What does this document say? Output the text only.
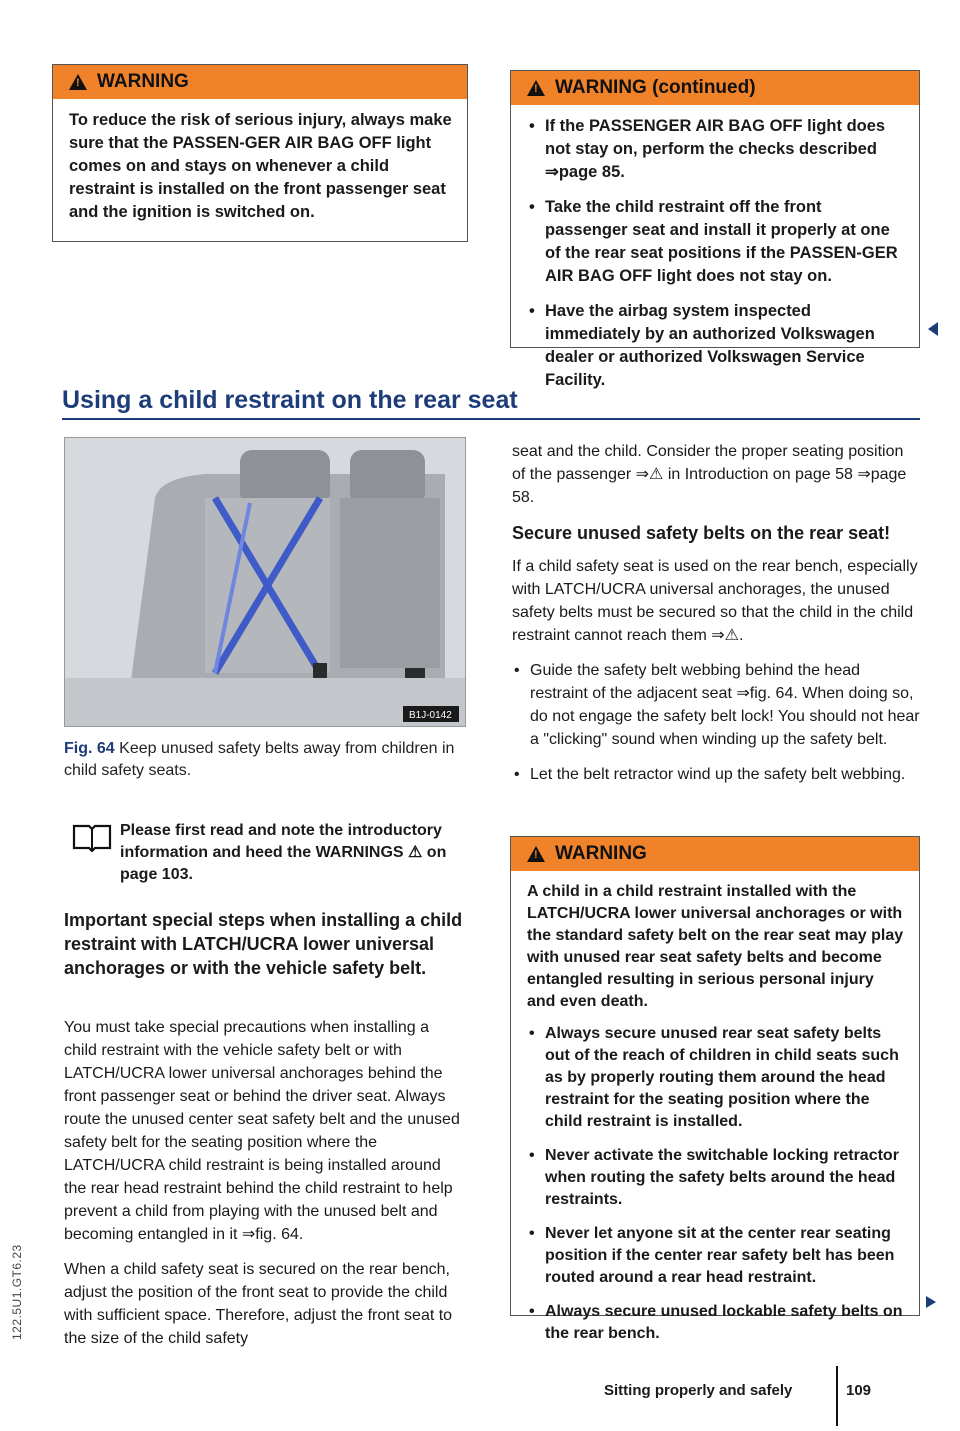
!
WARNING

To reduce the risk of serious injury, always make sure that the PASSEN-GER AIR BAG OFF light comes on and stays on whenever a child restraint is installed on the front passenger seat and the ignition is switched on.

!
WARNING (continued)
• If the PASSENGER AIR BAG OFF light does not stay on, perform the checks described ⇒page 85.
• Take the child restraint off the front passenger seat and install it properly at one of the rear seat positions if the PASSEN-GER AIR BAG OFF light does not stay on.
• Have the airbag system inspected immediately by an authorized Volkswagen dealer or authorized Volkswagen Service Facility.
Using a child restraint on the rear seat
B1J-0142
Fig. 64 Keep unused safety belts away from children in child safety seats.
Please first read and note the introductory information and heed the WARNINGS ⚠ on page 103.
Important special steps when installing a child restraint with LATCH/UCRA lower universal anchorages or with the vehicle safety belt.

You must take special precautions when installing a child restraint with the vehicle safety belt or with LATCH/UCRA lower universal anchorages behind the front passenger seat or behind the driver seat. Always route the unused center seat safety belt and the unused safety belt for the seating position where the LATCH/UCRA child restraint is being installed around the rear head restraint behind the child restraint to help prevent a child from playing with the unused belt and becoming entangled in it ⇒fig. 64.

When a child safety seat is secured on the rear bench, adjust the position of the front seat to provide the child with sufficient space. Therefore, adjust the front seat to the size of the child safety

seat and the child. Consider the proper seating position of the passenger ⇒⚠ in Introduction on page 58 ⇒page 58.

Secure unused safety belts on the rear seat!

If a child safety seat is used on the rear bench, especially with LATCH/UCRA universal anchorages, the unused safety belts must be secured so that the child in the child restraint cannot reach them ⇒⚠.

• Guide the safety belt webbing behind the head restraint of the adjacent seat ⇒fig. 64. When doing so, do not engage the safety belt lock! You should not hear a "clicking" sound when winding up the safety belt.
• Let the belt retractor wind up the safety belt webbing.
!
WARNING

A child in a child restraint installed with the LATCH/UCRA lower universal anchorages or with the standard safety belt on the rear seat may play with unused rear seat safety belts and become entangled resulting in serious personal injury and even death.

• Always secure unused rear seat safety belts out of the reach of children in child seats such as by properly routing them around the head restraint for the seating position where the child restraint is installed.
• Never activate the switchable locking retractor when routing the safety belts around the head restraints.
• Never let anyone sit at the center rear seating position if the center rear safety belt has been routed around a rear head restraint.
• Always secure unused lockable safety belts on the rear bench.
Sitting properly and safely	109
122.5U1.GT6.23
